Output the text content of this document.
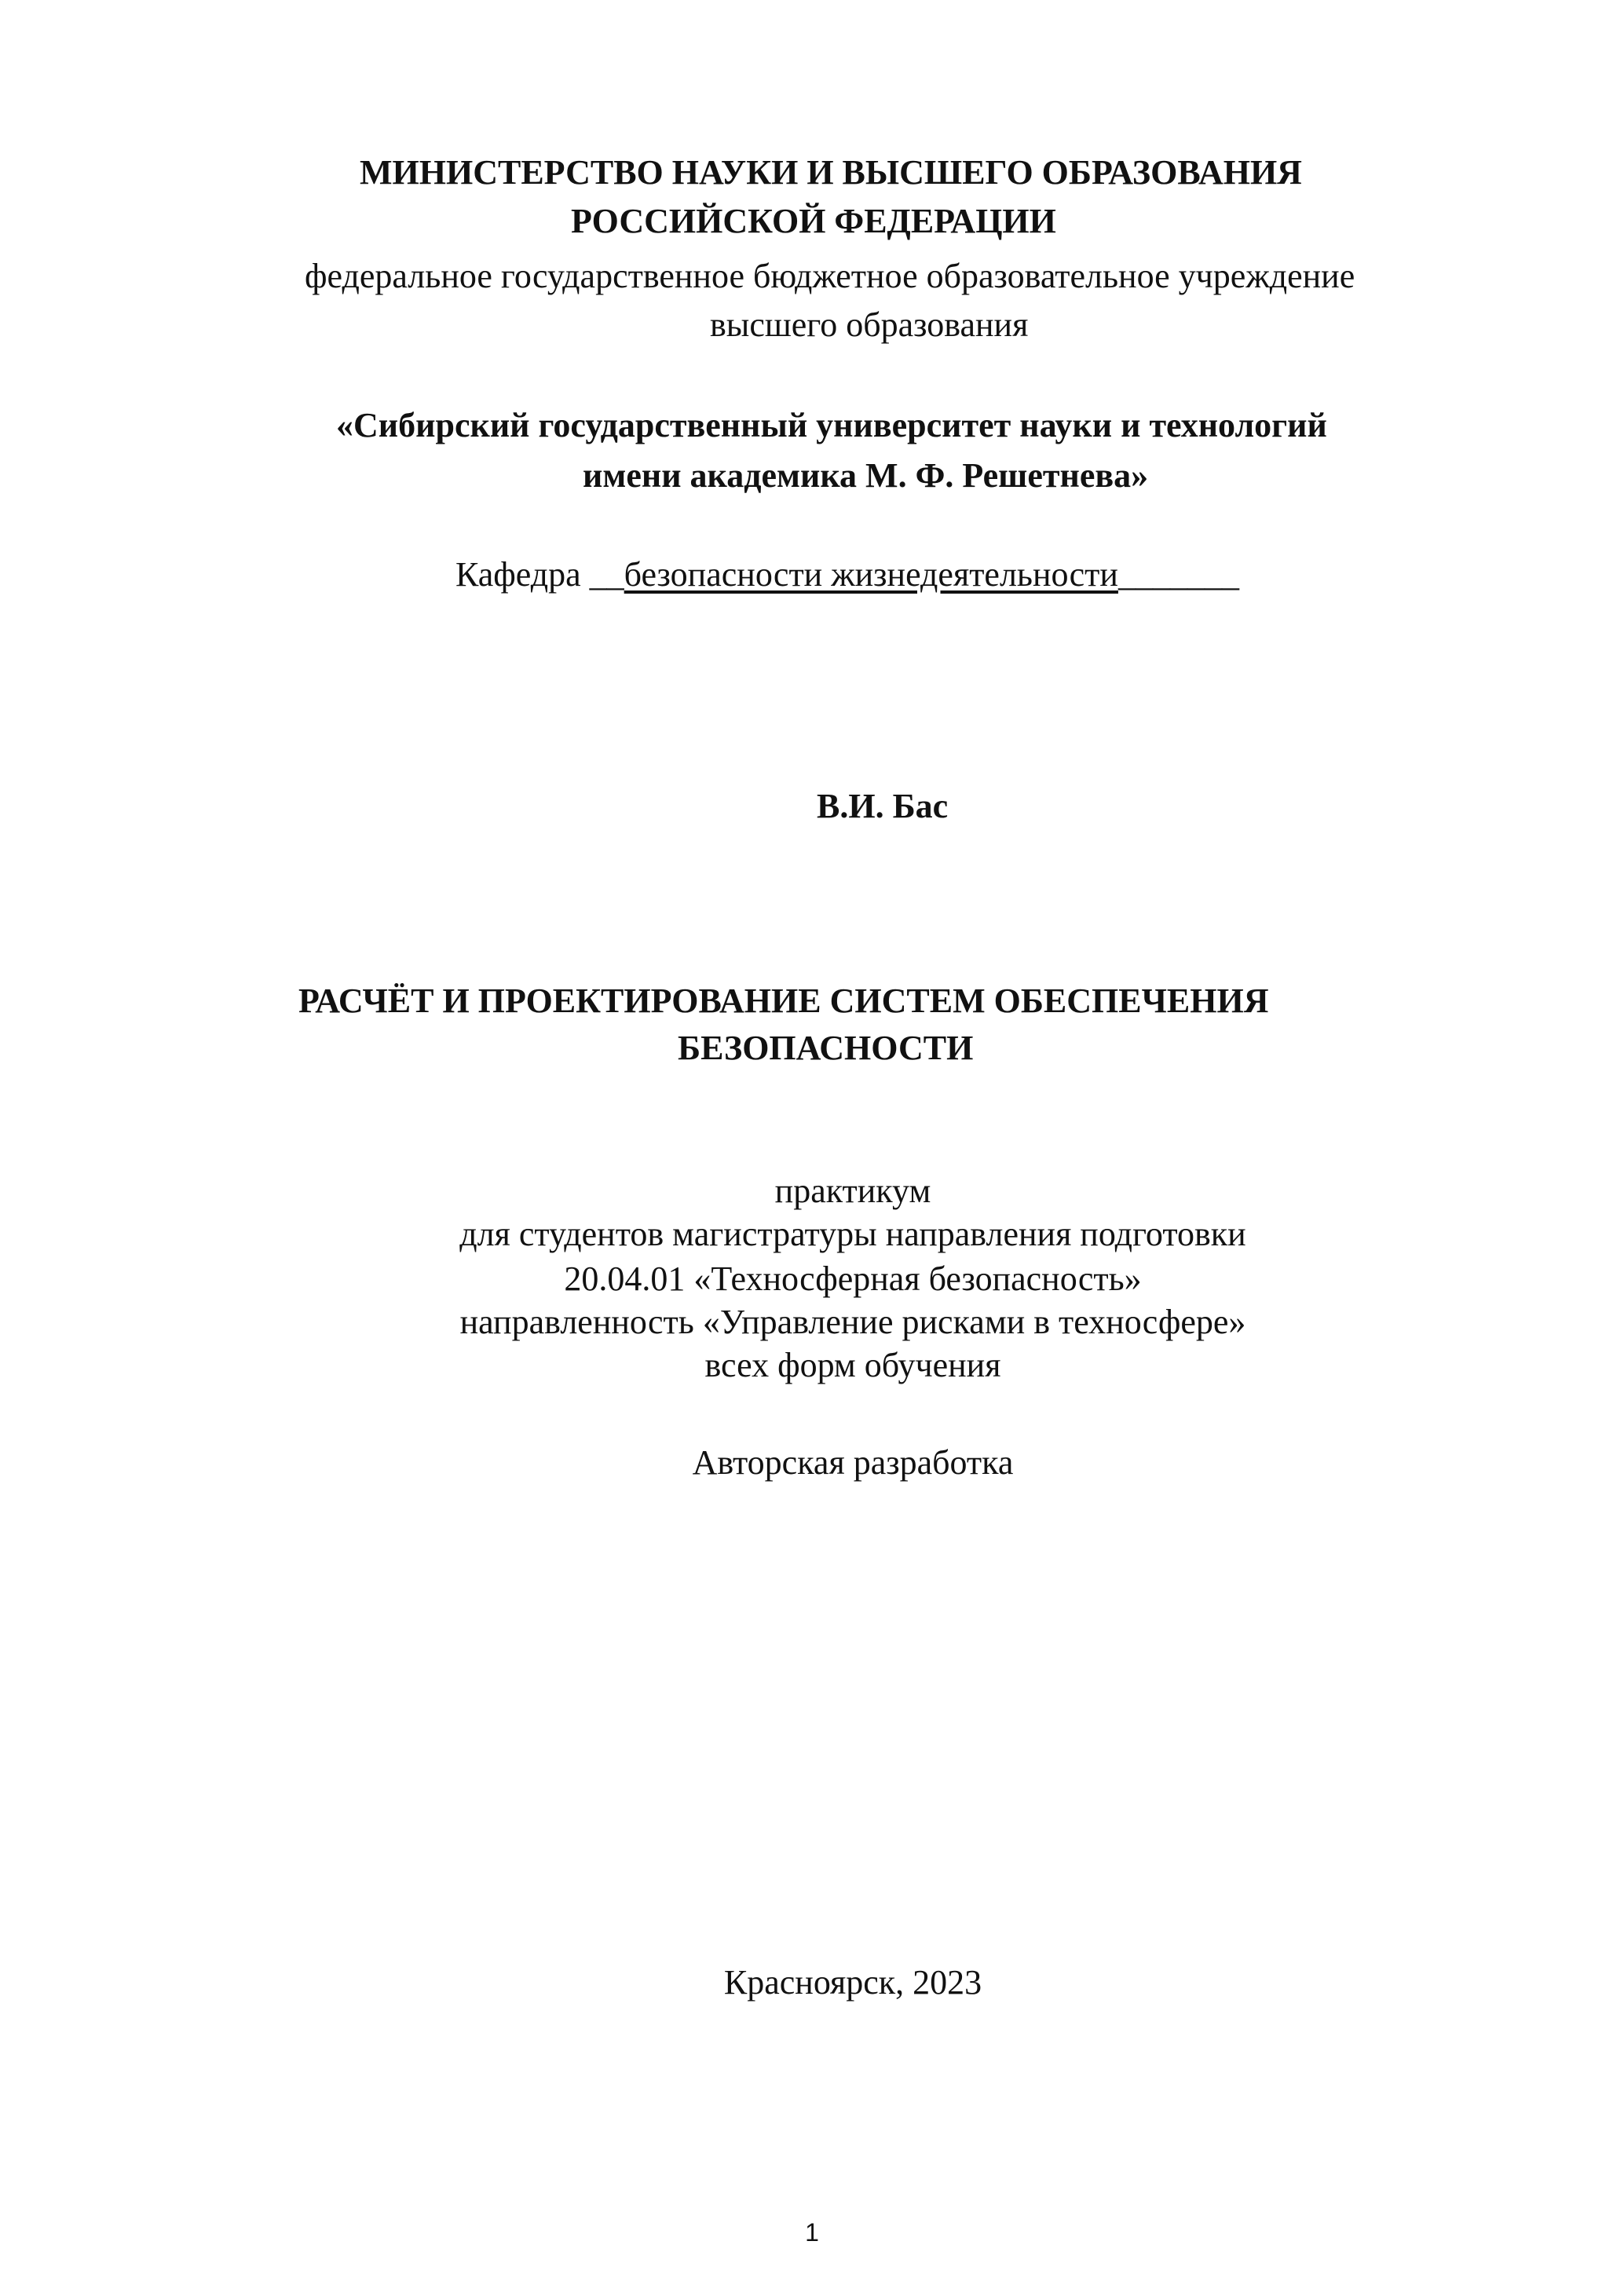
МИНИСТЕРСТВО НАУКИ И ВЫСШЕГО ОБРАЗОВАНИЯ

РОССИЙСКОЙ ФЕДЕРАЦИИ

федеральное государственное бюджетное образовательное учреждение

высшего образования

«Сибирский государственный университет науки и технологий

имени академика М. Ф. Решетнева»

Кафедра __безопасности жизнедеятельности_______

В.И. Бас

РАСЧЁТ И ПРОЕКТИРОВАНИЕ СИСТЕМ ОБЕСПЕЧЕНИЯ

БЕЗОПАСНОСТИ

практикум

для студентов магистратуры направления подготовки

20.04.01 «Техносферная безопасность»

направленность «Управление рисками в техносфере»

всех форм обучения

Авторская разработка

Красноярск, 2023

1
